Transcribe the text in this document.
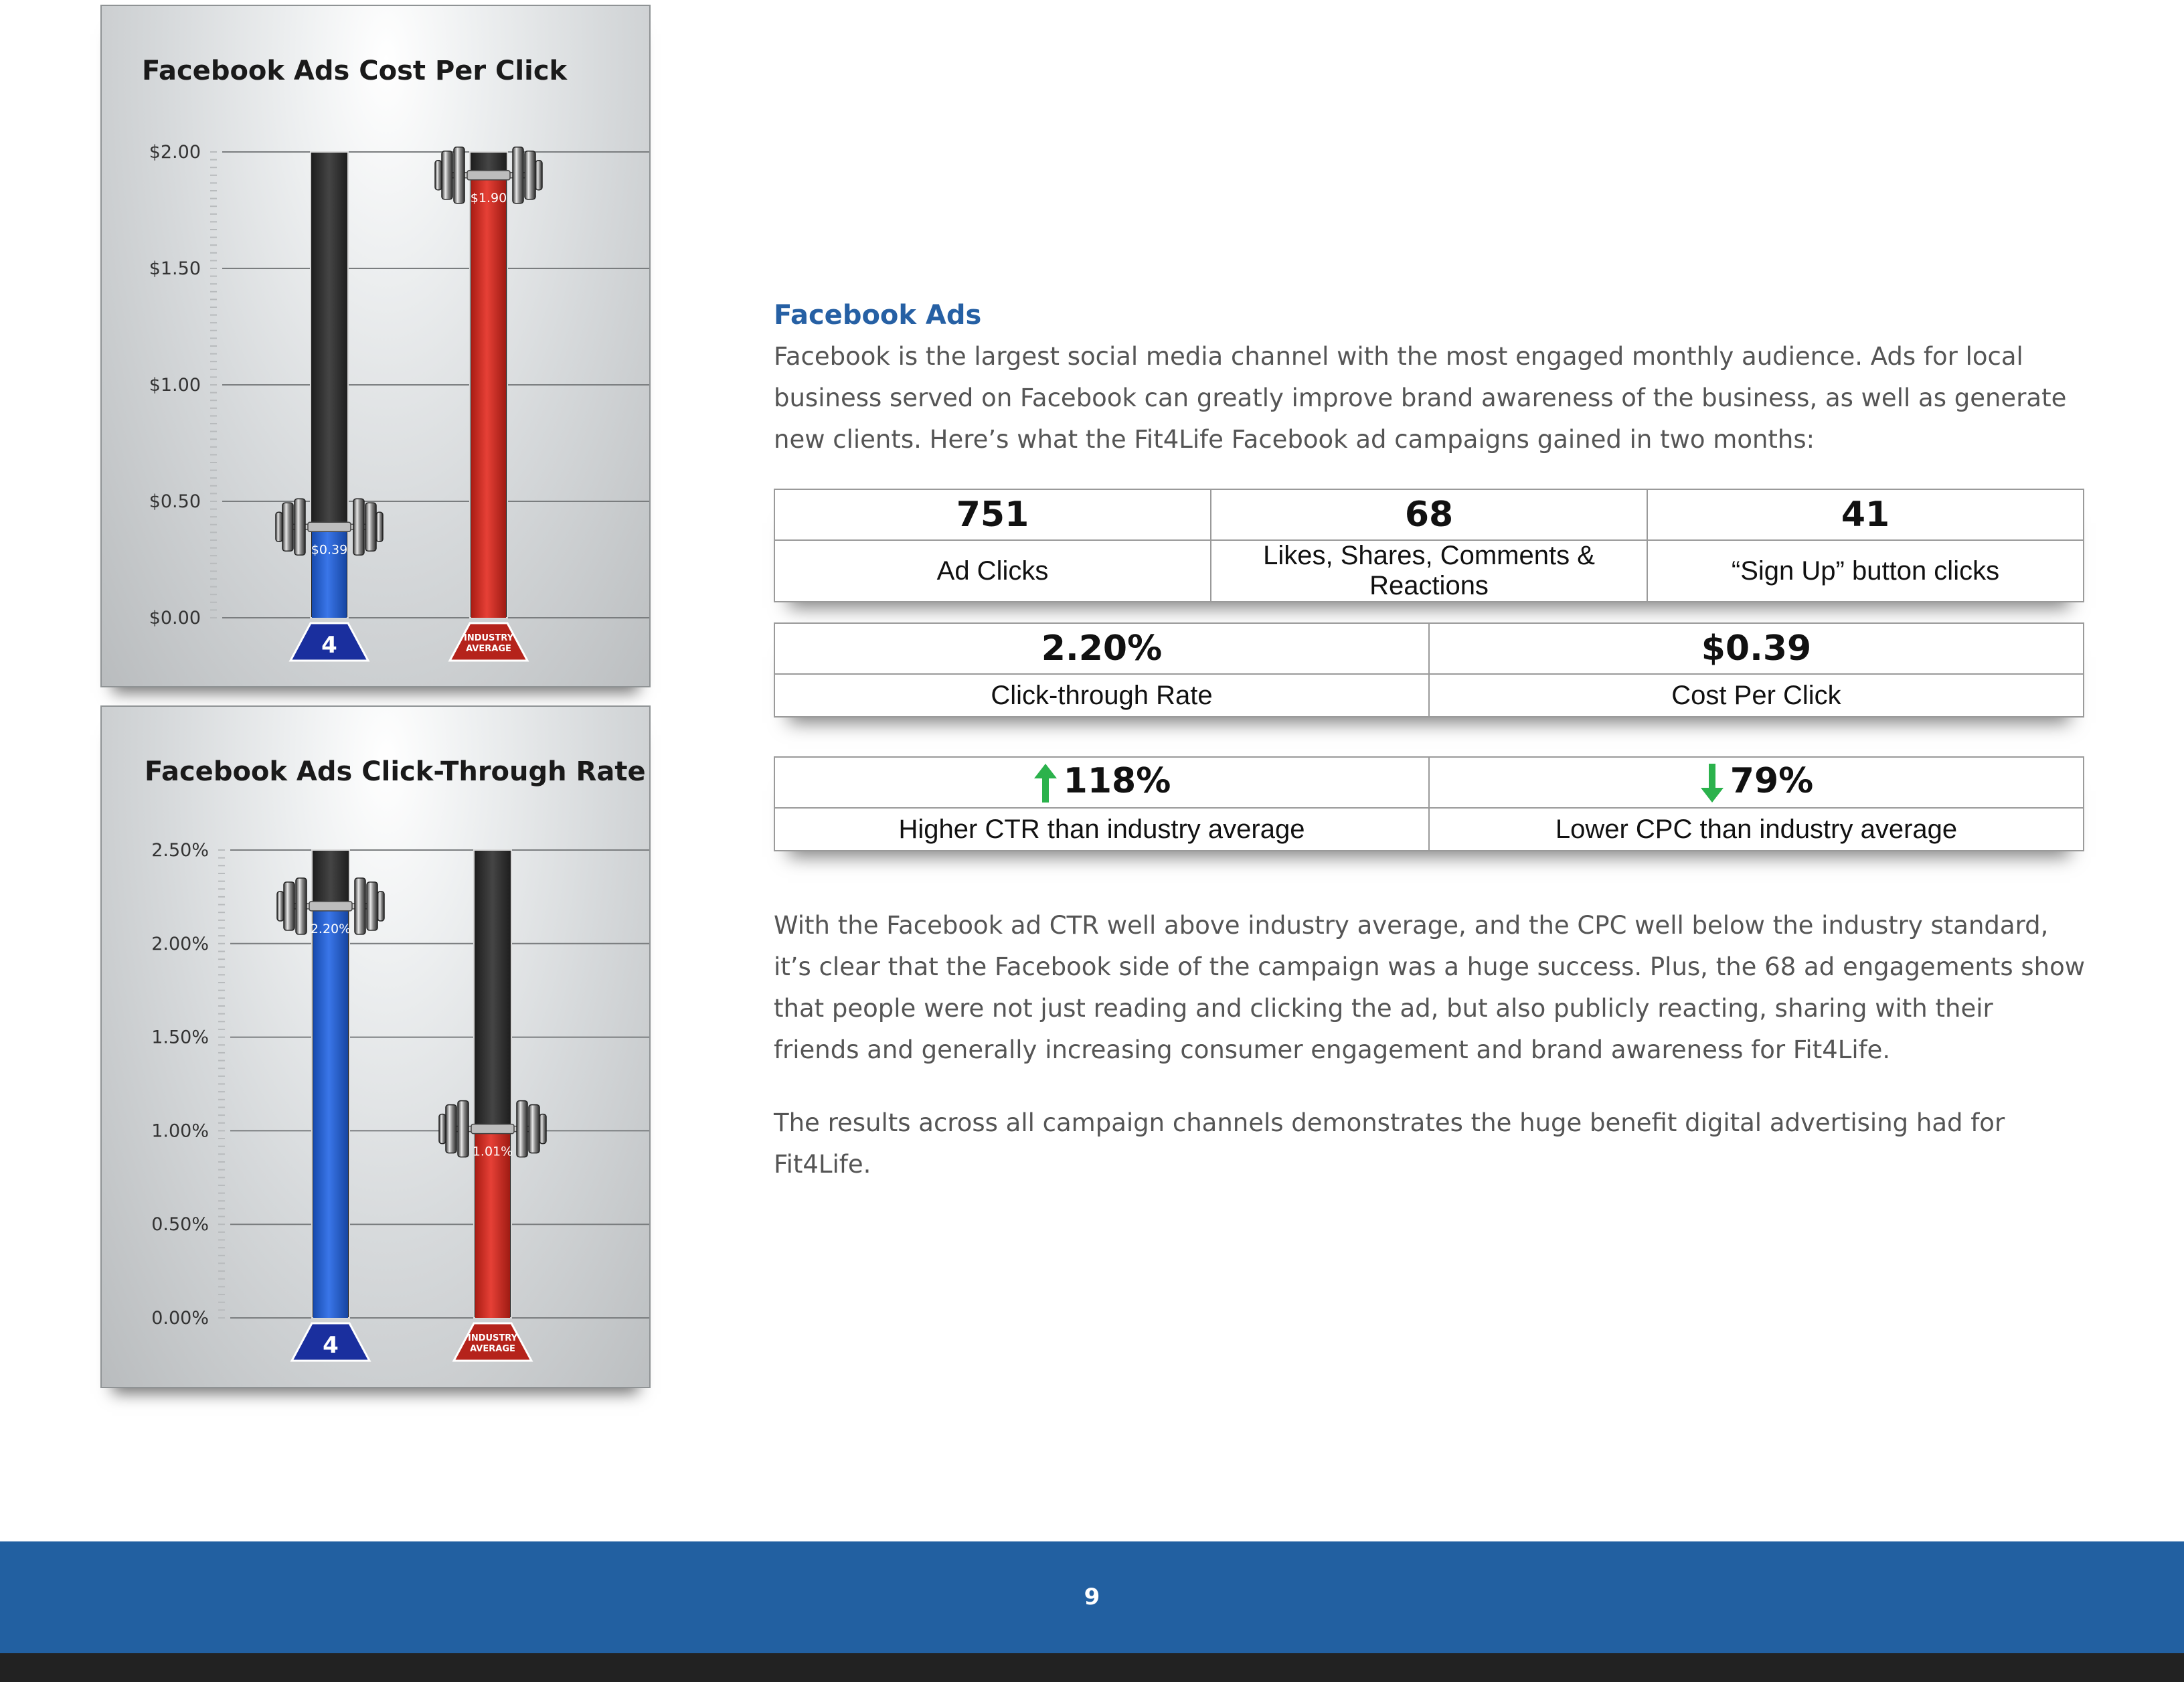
Facebook Ads Cost Per Click
$0.00
$0.50
$1.00
$1.50
$2.00
$0.39
4
$1.90
INDUSTRY
AVERAGE
Facebook Ads Click-Through Rate
0.00%
0.50%
1.00%
1.50%
2.00%
2.50%
2.20%
4
1.01%
INDUSTRY
AVERAGE
Facebook Ads

Facebook is the largest social media channel with the most engaged monthly audience. Ads for local business served on Facebook can greatly improve brand awareness of the business, as well as generate new clients. Here’s what the Fit4Life Facebook ad campaigns gained in two months:

751	68	41
Ad Clicks	Likes, Shares, Comments & Reactions	“Sign Up” button clicks
2.20%	$0.39
Click-through Rate	Cost Per Click
118%	79%
Higher CTR than industry average	Lower CPC than industry average

With the Facebook ad CTR well above industry average, and the CPC well below the industry standard, it’s clear that the Facebook side of the campaign was a huge success. Plus, the 68 ad engagements show that people were not just reading and clicking the ad, but also publicly reacting, sharing with their friends and generally increasing consumer engagement and brand awareness for Fit4Life.

The results across all campaign channels demonstrates the huge benefit digital advertising had for Fit4Life.

9
